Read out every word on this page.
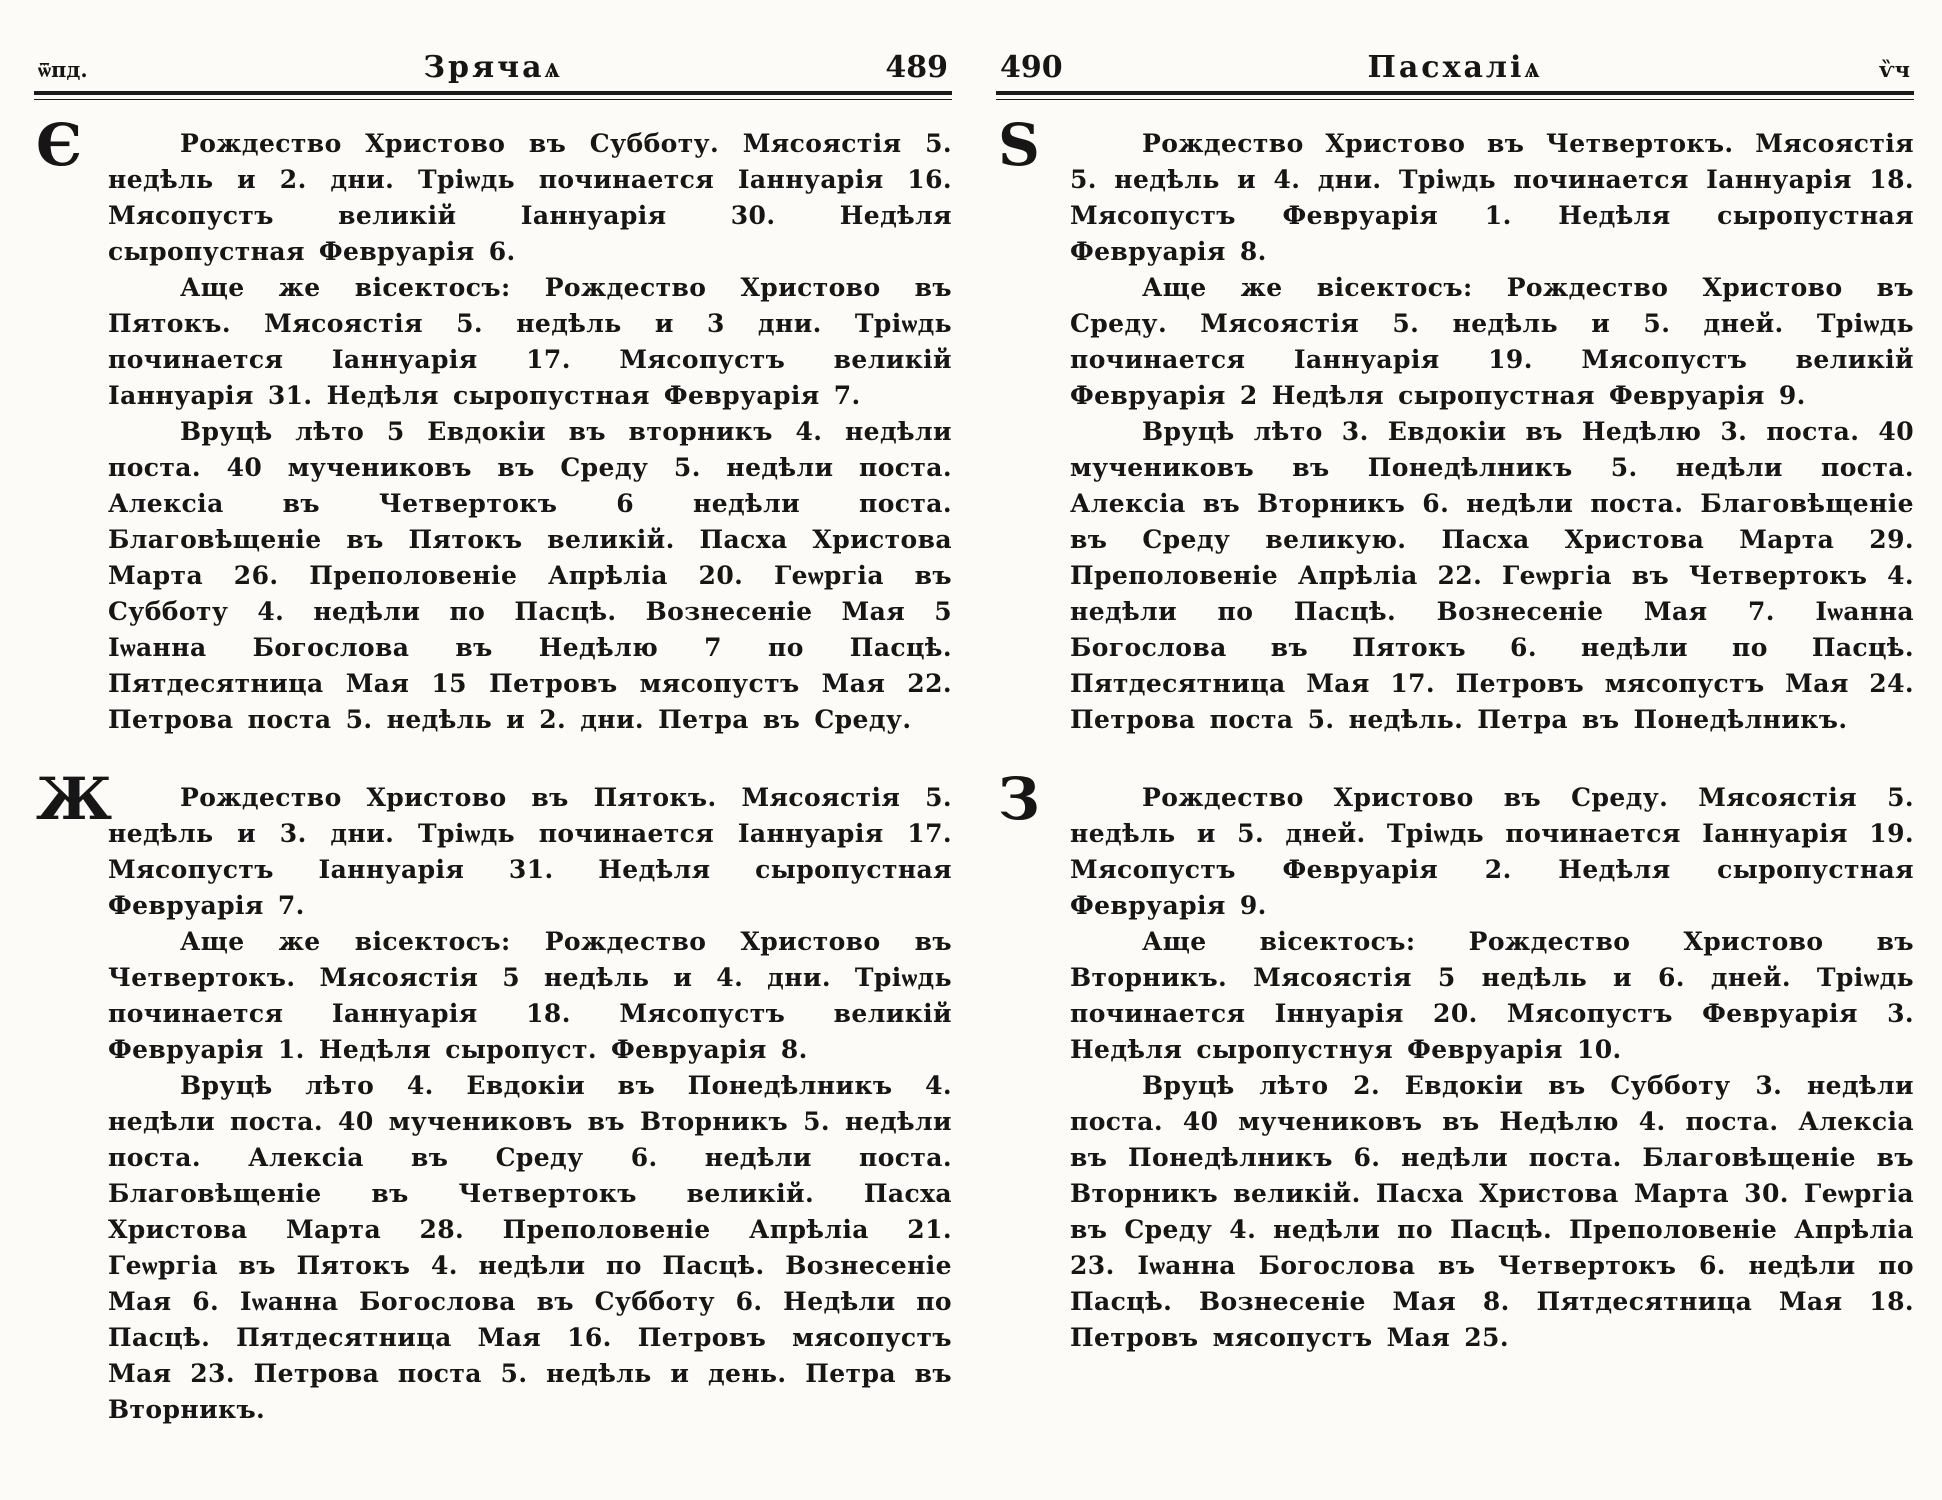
ѿпд.	Зрячаѧ	489
Є	Рождество Христово въ Субботу. Мясоястія 5. недѣль и 2. дни. Тріѡдь починается Іаннуарія 16. Мясопустъ великій Іаннуарія 30. Недѣля сыропустная Февруарія 6.

Аще же вісектосъ: Рождество Христово въ Пятокъ. Мясоястія 5. недѣль и 3 дни. Тріѡдь починается Іаннуарія 17. Мясопустъ великій Іаннуарія 31. Недѣля сыропустная Февруарія 7.

Вруцѣ лѣто 5 Евдокіи въ вторникъ 4. недѣли поста. 40 мучениковъ въ Среду 5. недѣли поста. Алексіа въ Четвертокъ 6 недѣли поста. Благовѣщеніе въ Пятокъ великій. Пасха Христова Марта 26. Преполовеніе Апрѣліа 20. Геѡргіа въ Субботу 4. недѣли по Пасцѣ. Вознесеніе Мая 5 Іѡанна Богослова въ Недѣлю 7 по Пасцѣ. Пятдесятница Мая 15 Петровъ мясопустъ Мая 22. Петрова поста 5. недѣль и 2. дни. Петра въ Среду.

Ж	Рождество Христово въ Пятокъ. Мясоястія 5. недѣль и 3. дни. Тріѡдь починается Іаннуарія 17. Мясопустъ Іаннуарія 31. Недѣля сыропустная Февруарія 7.

Аще же вісектосъ: Рождество Христово въ Четвертокъ. Мясоястія 5 недѣль и 4. дни. Тріѡдь починается Іаннуарія 18. Мясопустъ великій Февруарія 1. Недѣля сыропуст. Февруарія 8.

Вруцѣ лѣто 4. Евдокіи въ Понедѣлникъ 4. недѣли поста. 40 мучениковъ въ Вторникъ 5. недѣли поста. Алексіа въ Среду 6. недѣли поста. Благовѣщеніе въ Четвертокъ великій. Пасха Христова Марта 28. Преполовеніе Апрѣліа 21. Геѡргіа въ Пятокъ 4. недѣли по Пасцѣ. Вознесеніе Мая 6. Іѡанна Богослова въ Субботу 6. Недѣли по Пасцѣ. Пятдесятница Мая 16. Петровъ мясопустъ Мая 23. Петрова поста 5. недѣль и день. Петра въ Вторникъ.

490	Пасхаліѧ	ѷч
Ѕ	Рождество Христово въ Четвертокъ. Мясоястія 5. недѣль и 4. дни. Тріѡдь починается Іаннуарія 18. Мясопустъ Февруарія 1. Недѣля сыропустная Февруарія 8.

Аще же вісектосъ: Рождество Христово въ Среду. Мясоястія 5. недѣль и 5. дней. Тріѡдь починается Іаннуарія 19. Мясопустъ великій Февруарія 2 Недѣля сыропустная Февруарія 9.

Вруцѣ лѣто 3. Евдокіи въ Недѣлю 3. поста. 40 мучениковъ въ Понедѣлникъ 5. недѣли поста. Алексіа въ Вторникъ 6. недѣли поста. Благовѣщеніе въ Среду великую. Пасха Христова Марта 29. Преполовеніе Апрѣліа 22. Геѡргіа въ Четвертокъ 4. недѣли по Пасцѣ. Вознесеніе Мая 7. Іѡанна Богослова въ Пятокъ 6. недѣли по Пасцѣ. Пятдесятница Мая 17. Петровъ мясопустъ Мая 24. Петрова поста 5. недѣль. Петра въ Понедѣлникъ.

З	Рождество Христово въ Среду. Мясоястія 5. недѣль и 5. дней. Тріѡдь починается Іаннуарія 19. Мясопустъ Февруарія 2. Недѣля сыропустная Февруарія 9.

Аще вісектосъ: Рождество Христово въ Вторникъ. Мясоястія 5 недѣль и 6. дней. Тріѡдь починается Іннуарія 20. Мясопустъ Февруарія 3. Недѣля сыропустнуя Февруарія 10.

Вруцѣ лѣто 2. Евдокіи въ Субботу 3. недѣли поста. 40 мучениковъ въ Недѣлю 4. поста. Алексіа въ Понедѣлникъ 6. недѣли поста. Благовѣщеніе въ Вторникъ великій. Пасха Христова Марта 30. Геѡргіа въ Среду 4. недѣли по Пасцѣ. Преполовеніе Апрѣліа 23. Іѡанна Богослова въ Четвертокъ 6. недѣли по Пасцѣ. Вознесеніе Мая 8. Пятдесятница Мая 18. Петровъ мясопустъ Мая 25.
